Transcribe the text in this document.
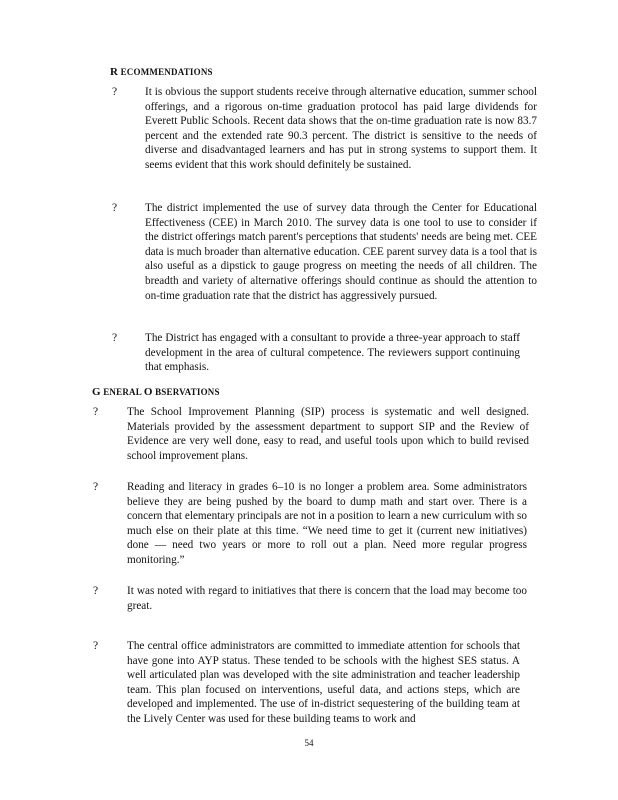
R ECOMMENDATIONS
? It is obvious the support students receive through alternative education, summer school offerings, and a rigorous on-time graduation protocol has paid large dividends for Everett Public Schools. Recent data shows that the on-time graduation rate is now 83.7 percent and the extended rate 90.3 percent. The district is sensitive to the needs of diverse and disadvantaged learners and has put in strong systems to support them. It seems evident that this work should definitely be sustained.
? The district implemented the use of survey data through the Center for Educational Effectiveness (CEE) in March 2010. The survey data is one tool to use to consider if the district offerings match parent's perceptions that students' needs are being met. CEE data is much broader than alternative education. CEE parent survey data is a tool that is also useful as a dipstick to gauge progress on meeting the needs of all children. The breadth and variety of alternative offerings should continue as should the attention to on-time graduation rate that the district has aggressively pursued.
? The District has engaged with a consultant to provide a three-year approach to staff development in the area of cultural competence. The reviewers support continuing that emphasis.
G ENERAL O BSERVATIONS
?	The School Improvement Planning (SIP) process is systematic and well designed. Materials provided by the assessment department to support SIP and the Review of Evidence are very well done, easy to read, and useful tools upon which to build revised school improvement plans.
?	Reading and literacy in grades 6–10 is no longer a problem area. Some administrators believe they are being pushed by the board to dump math and start over. There is a concern that elementary principals are not in a position to learn a new curriculum with so much else on their plate at this time. “We need time to get it (current new initiatives) done — need two years or more to roll out a plan. Need more regular progress monitoring.”
?	It was noted with regard to initiatives that there is concern that the load may become too great.
?	The central office administrators are committed to immediate attention for schools that have gone into AYP status. These tended to be schools with the highest SES status. A well articulated plan was developed with the site administration and teacher leadership team. This plan focused on interventions, useful data, and actions steps, which are developed and implemented. The use of in-district sequestering of the building team at the Lively Center was used for these building teams to work and
54
